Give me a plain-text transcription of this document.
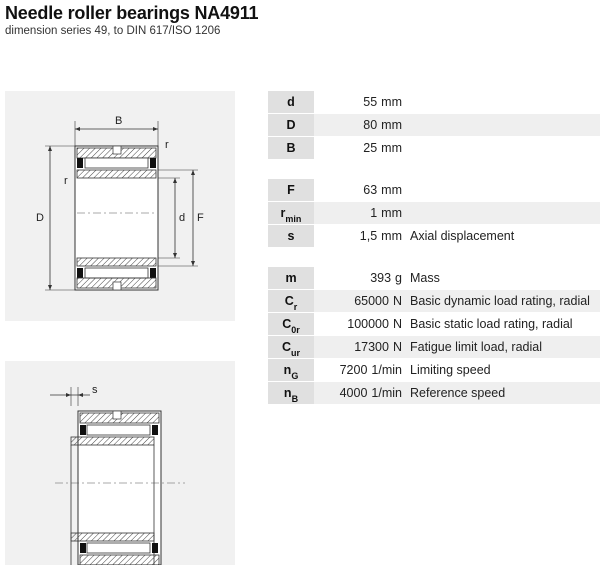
Needle roller bearings NA4911
dimension series 49, to DIN 617/ISO 1206
B
r
r
D	d F
s
d	55 mm
D	80 mm
B	25 mm
F	63 mm
$r_{min}$	1 mm
s	1,5 mm Axial displacement
m	393 g Mass
$C_r$	65000 N Basic dynamic load rating, radial
$C_{0r}$	100000 N Basic static load rating, radial
$C_{ur}$	17300 N Fatigue limit load, radial
$n_G$	7200 1/min Limiting speed
$n_B$	4000 1/min Reference speed
